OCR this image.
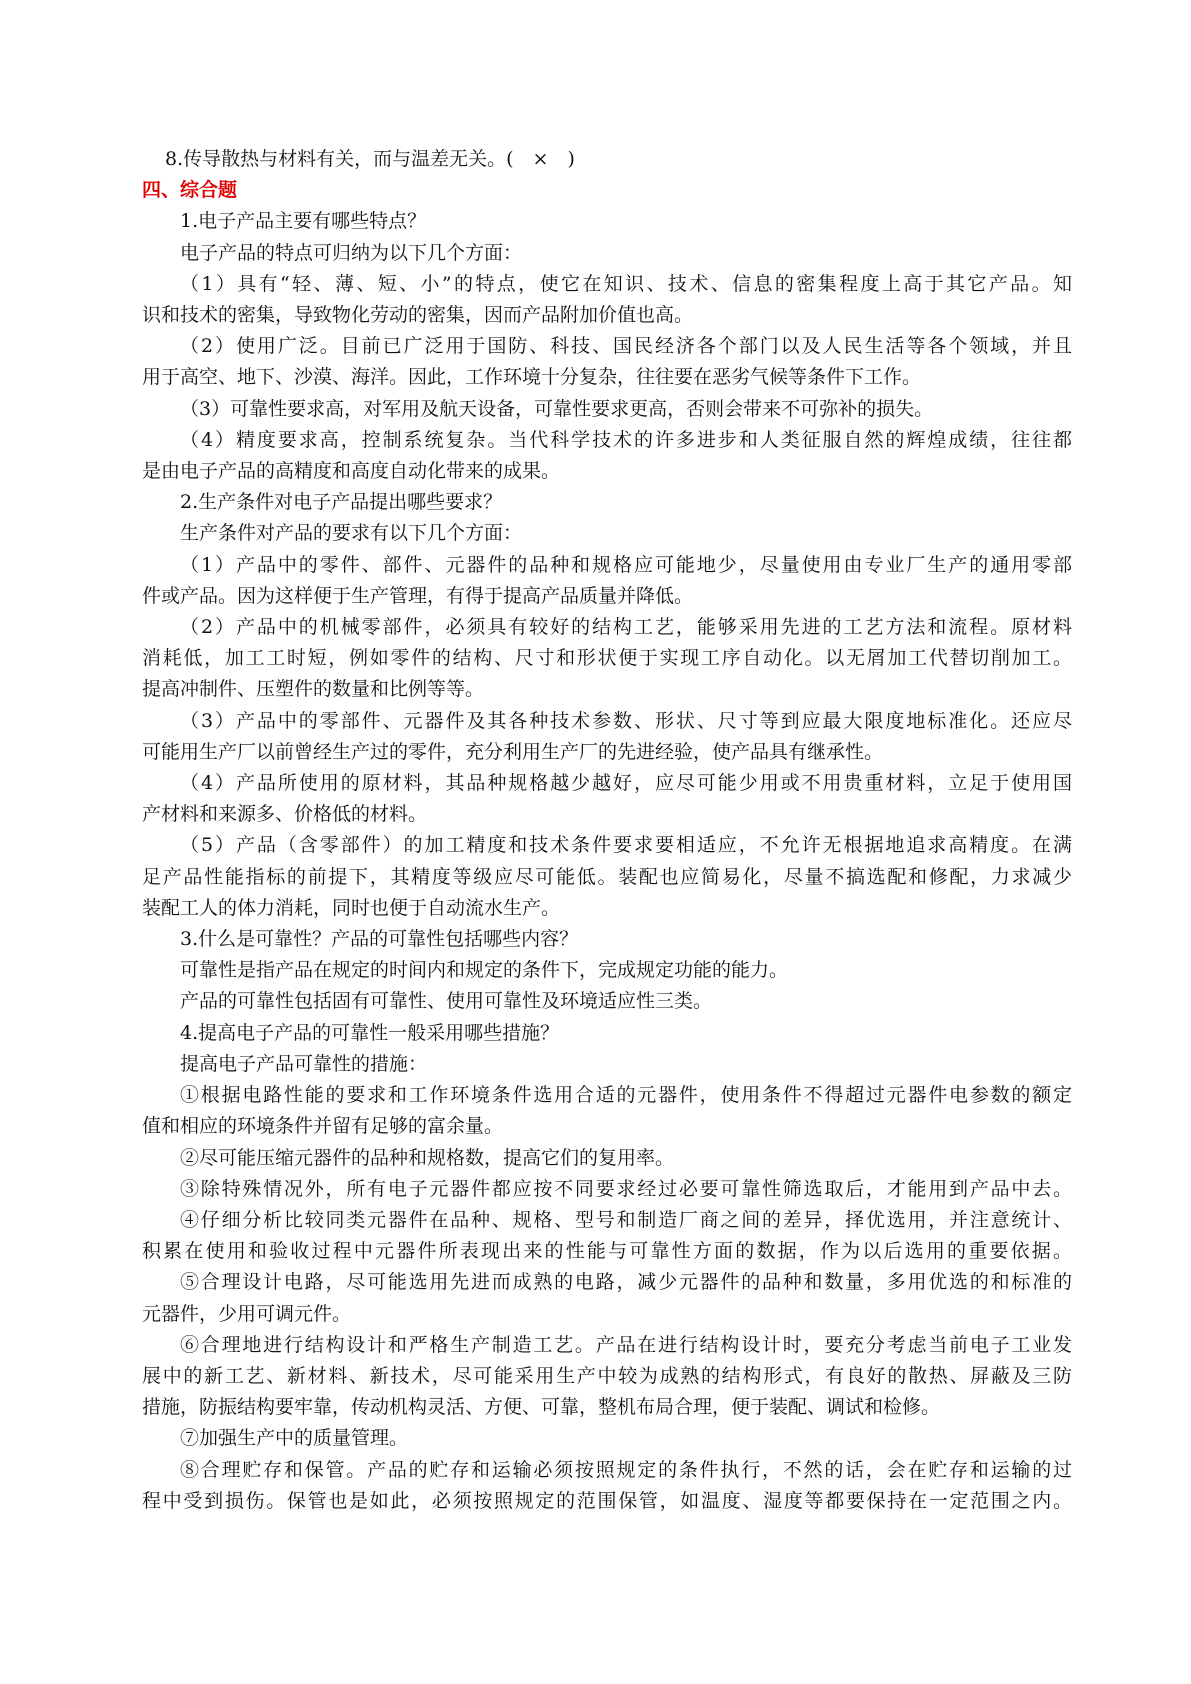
8.传导散热与材料有关，而与温差无关。(　×　)
四、综合题
1.电子产品主要有哪些特点？
电子产品的特点可归纳为以下几个方面：
（1）具有“轻、薄、短、小”的特点，使它在知识、技术、信息的密集程度上高于其它产品。知
识和技术的密集，导致物化劳动的密集，因而产品附加价值也高。
（2）使用广泛。目前已广泛用于国防、科技、国民经济各个部门以及人民生活等各个领域，并且
用于高空、地下、沙漠、海洋。因此，工作环境十分复杂，往往要在恶劣气候等条件下工作。
（3）可靠性要求高，对军用及航天设备，可靠性要求更高，否则会带来不可弥补的损失。
（4）精度要求高，控制系统复杂。当代科学技术的许多进步和人类征服自然的辉煌成绩，往往都
是由电子产品的高精度和高度自动化带来的成果。
2.生产条件对电子产品提出哪些要求？
生产条件对产品的要求有以下几个方面：
（1）产品中的零件、部件、元器件的品种和规格应可能地少，尽量使用由专业厂生产的通用零部
件或产品。因为这样便于生产管理，有得于提高产品质量并降低。
（2）产品中的机械零部件，必须具有较好的结构工艺，能够采用先进的工艺方法和流程。原材料
消耗低，加工工时短，例如零件的结构、尺寸和形状便于实现工序自动化。以无屑加工代替切削加工。
提高冲制件、压塑件的数量和比例等等。
（3）产品中的零部件、元器件及其各种技术参数、形状、尺寸等到应最大限度地标准化。还应尽
可能用生产厂以前曾经生产过的零件，充分利用生产厂的先进经验，使产品具有继承性。
（4）产品所使用的原材料，其品种规格越少越好，应尽可能少用或不用贵重材料，立足于使用国
产材料和来源多、价格低的材料。
（5）产品（含零部件）的加工精度和技术条件要求要相适应，不允许无根据地追求高精度。在满
足产品性能指标的前提下，其精度等级应尽可能低。装配也应简易化，尽量不搞选配和修配，力求减少
装配工人的体力消耗，同时也便于自动流水生产。
3.什么是可靠性？产品的可靠性包括哪些内容？
可靠性是指产品在规定的时间内和规定的条件下，完成规定功能的能力。
产品的可靠性包括固有可靠性、使用可靠性及环境适应性三类。
4.提高电子产品的可靠性一般采用哪些措施？
提高电子产品可靠性的措施：
①根据电路性能的要求和工作环境条件选用合适的元器件，使用条件不得超过元器件电参数的额定
值和相应的环境条件并留有足够的富余量。
②尽可能压缩元器件的品种和规格数，提高它们的复用率。
③除特殊情况外，所有电子元器件都应按不同要求经过必要可靠性筛选取后，才能用到产品中去。
④仔细分析比较同类元器件在品种、规格、型号和制造厂商之间的差异，择优选用，并注意统计、
积累在使用和验收过程中元器件所表现出来的性能与可靠性方面的数据，作为以后选用的重要依据。
⑤合理设计电路，尽可能选用先进而成熟的电路，减少元器件的品种和数量，多用优选的和标准的
元器件，少用可调元件。
⑥合理地进行结构设计和严格生产制造工艺。产品在进行结构设计时，要充分考虑当前电子工业发
展中的新工艺、新材料、新技术，尽可能采用生产中较为成熟的结构形式，有良好的散热、屏蔽及三防
措施，防振结构要牢靠，传动机构灵活、方便、可靠，整机布局合理，便于装配、调试和检修。
⑦加强生产中的质量管理。
⑧合理贮存和保管。产品的贮存和运输必须按照规定的条件执行，不然的话，会在贮存和运输的过
程中受到损伤。保管也是如此，必须按照规定的范围保管，如温度、湿度等都要保持在一定范围之内。
